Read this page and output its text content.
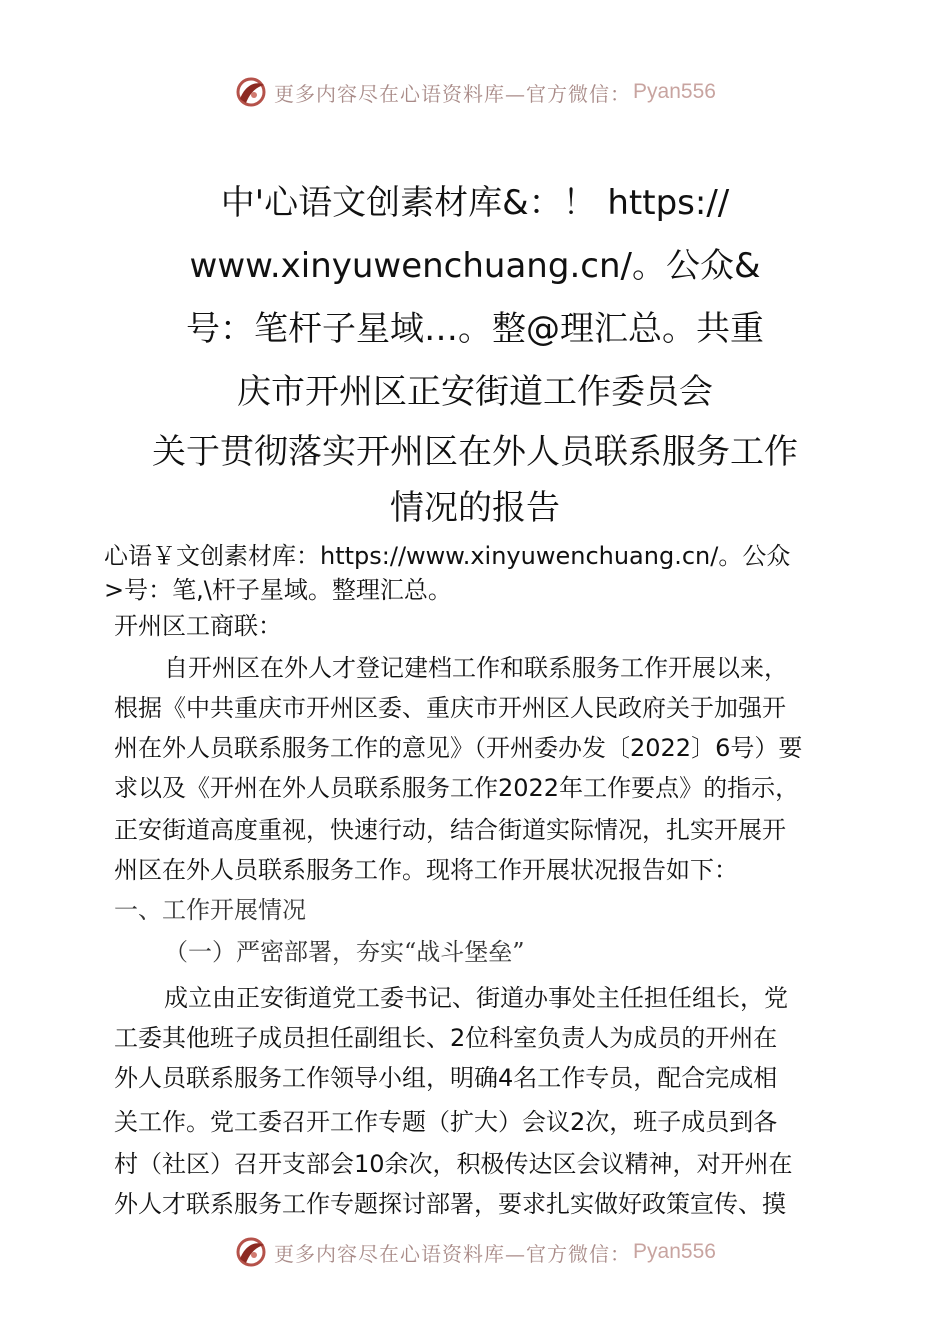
更多内容尽在心语资料库—官方微信： Pyan556
中'心语文创素材库&：！ https://
www.xinyuwenchuang.cn/。公众&
号：笔杆子星域…。整@理汇总。共重
庆市开州区正安街道工作委员会
关于贯彻落实开州区在外人员联系服务工作
情况的报告
心语￥文创素材库：https://www.xinyuwenchuang.cn/。公众
>号：笔,\杆子星域。整理汇总。
开州区工商联：
自开州区在外人才登记建档工作和联系服务工作开展以来，
根据《中共重庆市开州区委、重庆市开州区人民政府关于加强开
州在外人员联系服务工作的意见》（开州委办发〔2022〕6号）要
求以及《开州在外人员联系服务工作2022年工作要点》的指示，
正安街道高度重视，快速行动，结合街道实际情况，扎实开展开
州区在外人员联系服务工作。现将工作开展状况报告如下：
一、工作开展情况
（一）严密部署，夯实“战斗堡垒”
成立由正安街道党工委书记、街道办事处主任担任组长，党
工委其他班子成员担任副组长、2位科室负责人为成员的开州在
外人员联系服务工作领导小组，明确4名工作专员，配合完成相
关工作。党工委召开工作专题（扩大）会议2次，班子成员到各
村（社区）召开支部会10余次，积极传达区会议精神，对开州在
外人才联系服务工作专题探讨部署，要求扎实做好政策宣传、摸
更多内容尽在心语资料库—官方微信： Pyan556
